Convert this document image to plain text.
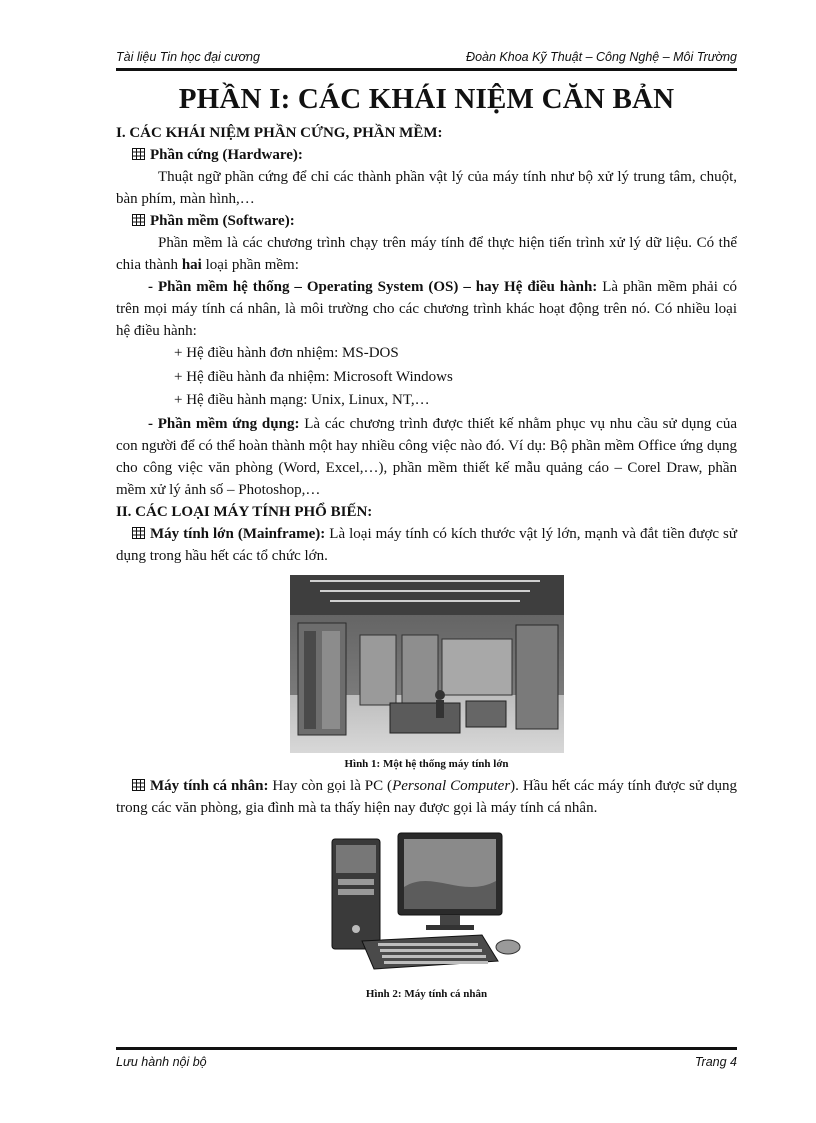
Tài liệu Tin học đại cương	Đoàn Khoa Kỹ Thuật – Công Nghệ – Môi Trường
PHẦN I: CÁC KHÁI NIỆM CĂN BẢN

I. CÁC KHÁI NIỆM PHẦN CỨNG, PHẦN MỀM:

Phần cứng (Hardware):

Thuật ngữ phần cứng để chỉ các thành phần vật lý của máy tính như bộ xử lý trung tâm, chuột, bàn phím, màn hình,…

Phần mềm (Software):

Phần mềm là các chương trình chạy trên máy tính để thực hiện tiến trình xử lý dữ liệu. Có thể chia thành hai loại phần mềm:

- Phần mềm hệ thống – Operating System (OS) – hay Hệ điều hành: Là phần mềm phải có trên mọi máy tính cá nhân, là môi trường cho các chương trình khác hoạt động trên nó. Có nhiều loại hệ điều hành:

+ Hệ điều hành đơn nhiệm: MS-DOS
+ Hệ điều hành đa nhiệm: Microsoft Windows
+ Hệ điều hành mạng: Unix, Linux, NT,…

- Phần mềm ứng dụng: Là các chương trình được thiết kế nhằm phục vụ nhu cầu sử dụng của con người để có thể hoàn thành một hay nhiều công việc nào đó. Ví dụ: Bộ phần mềm Office ứng dụng cho công việc văn phòng (Word, Excel,…), phần mềm thiết kế mẫu quảng cáo – Corel Draw, phần mềm xử lý ảnh số – Photoshop,…

II. CÁC LOẠI MÁY TÍNH PHỔ BIẾN:

Máy tính lớn (Mainframe): Là loại máy tính có kích thước vật lý lớn, mạnh và đắt tiền được sử dụng trong hầu hết các tổ chức lớn.

Hình 1: Một hệ thống máy tính lớn

Máy tính cá nhân: Hay còn gọi là PC (Personal Computer). Hầu hết các máy tính được sử dụng trong các văn phòng, gia đình mà ta thấy hiện nay được gọi là máy tính cá nhân.

Hình 2: Máy tính cá nhân
Lưu hành nội bộ	Trang 4
